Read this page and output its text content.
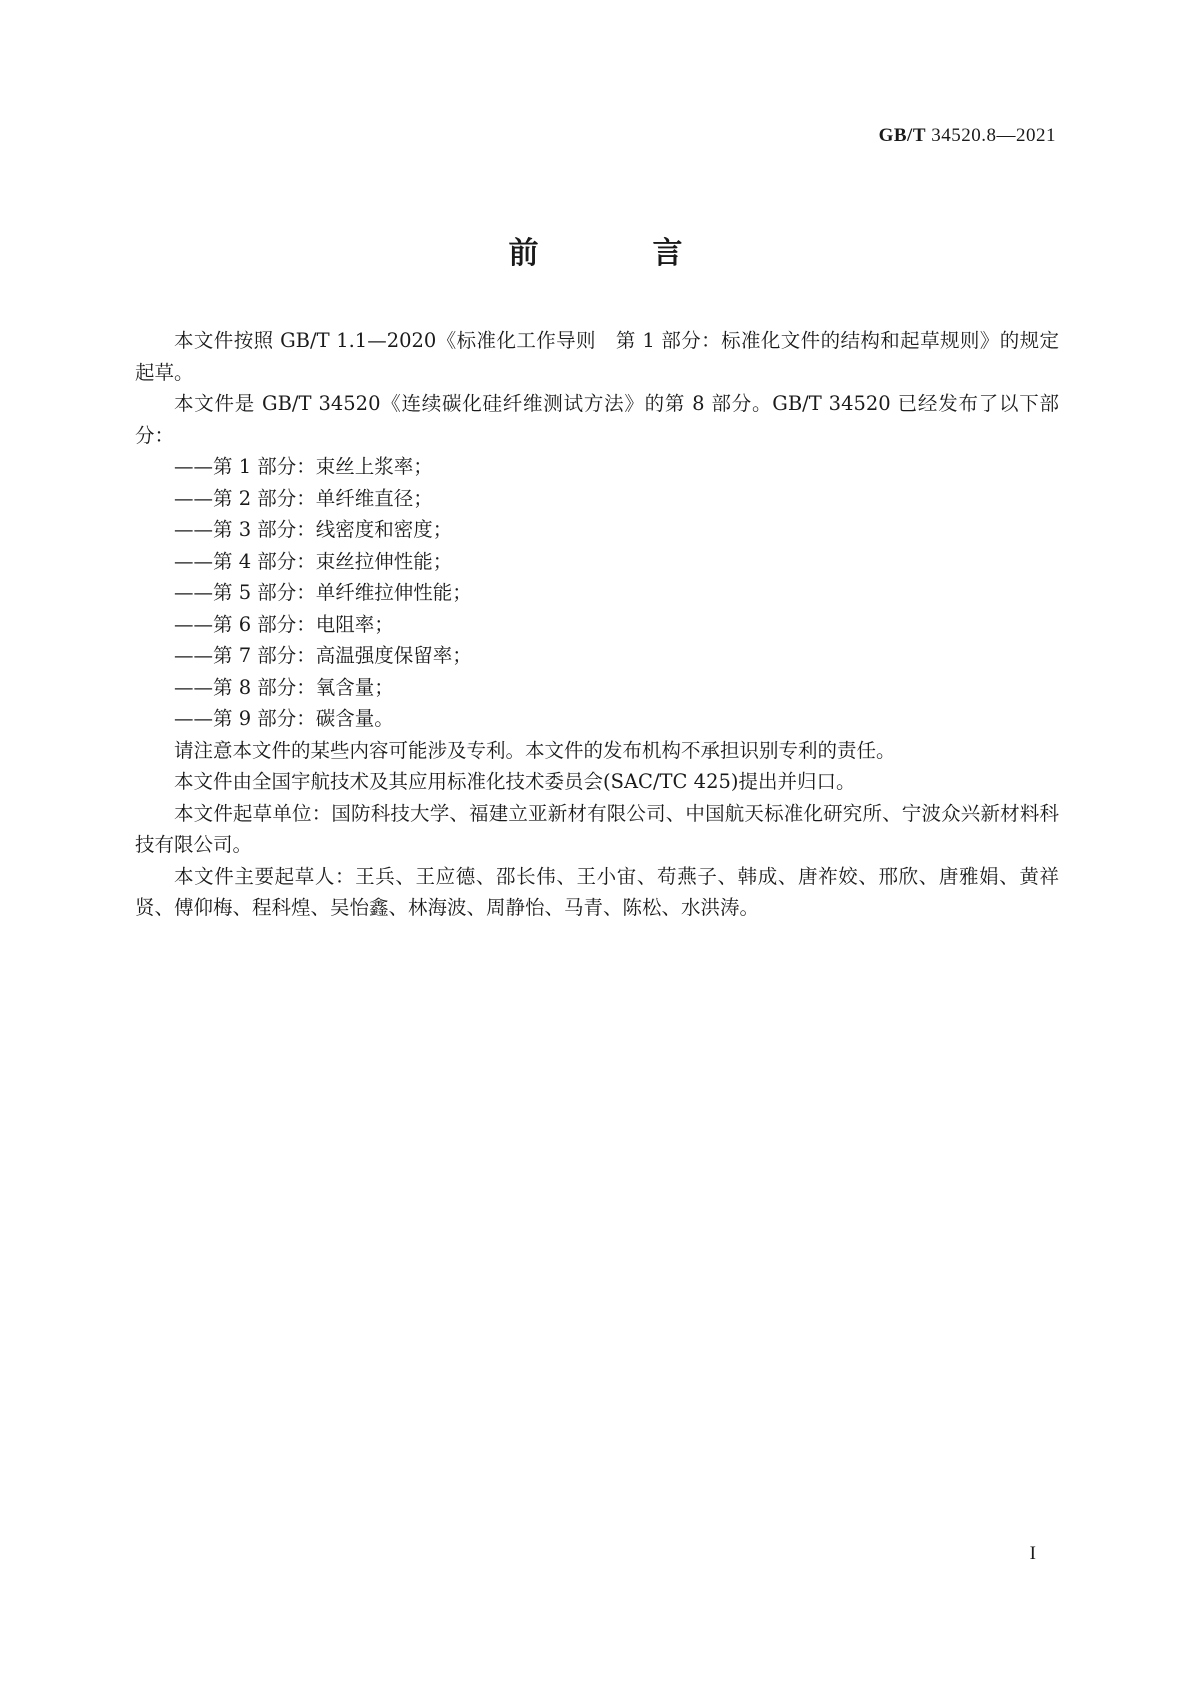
GB/T 34520.8—2021
前　言

本文件按照 GB/T 1.1—2020《标准化工作导则　第 1 部分：标准化文件的结构和起草规则》的规定起草。

本文件是 GB/T 34520《连续碳化硅纤维测试方法》的第 8 部分。GB/T 34520 已经发布了以下部分：

——第 1 部分：束丝上浆率；
——第 2 部分：单纤维直径；
——第 3 部分：线密度和密度；
——第 4 部分：束丝拉伸性能；
——第 5 部分：单纤维拉伸性能；
——第 6 部分：电阻率；
——第 7 部分：高温强度保留率；
——第 8 部分：氧含量；
——第 9 部分：碳含量。

请注意本文件的某些内容可能涉及专利。本文件的发布机构不承担识别专利的责任。

本文件由全国宇航技术及其应用标准化技术委员会(SAC/TC 425)提出并归口。

本文件起草单位：国防科技大学、福建立亚新材有限公司、中国航天标准化研究所、宁波众兴新材料科技有限公司。

本文件主要起草人：王兵、王应德、邵长伟、王小宙、苟燕子、韩成、唐祚姣、邢欣、唐雅娟、黄祥贤、傅仰梅、程科煌、吴怡鑫、林海波、周静怡、马青、陈松、水洪涛。

I
